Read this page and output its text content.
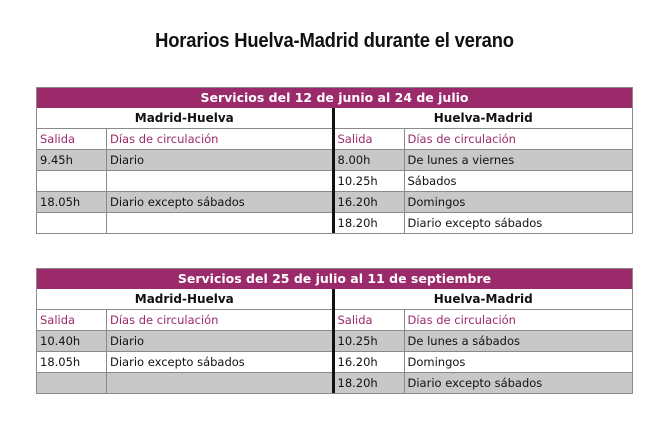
Horarios Huelva-Madrid durante el verano
Servicios del 12 de junio al 24 de julio
Madrid-Huelva
Salida	Días de circulación
9.45h	Diario
18.05h	Diario excepto sábados
Huelva-Madrid
Salida	Días de circulación
8.00h	De lunes a viernes
10.25h	Sábados
16.20h	Domingos
18.20h	Diario excepto sábados
Servicios del 25 de julio al 11 de septiembre
Madrid-Huelva
Salida	Días de circulación
10.40h	Diario
18.05h	Diario excepto sábados
Huelva-Madrid
Salida	Días de circulación
10.25h	De lunes a sábados
16.20h	Domingos
18.20h	Diario excepto sábados
